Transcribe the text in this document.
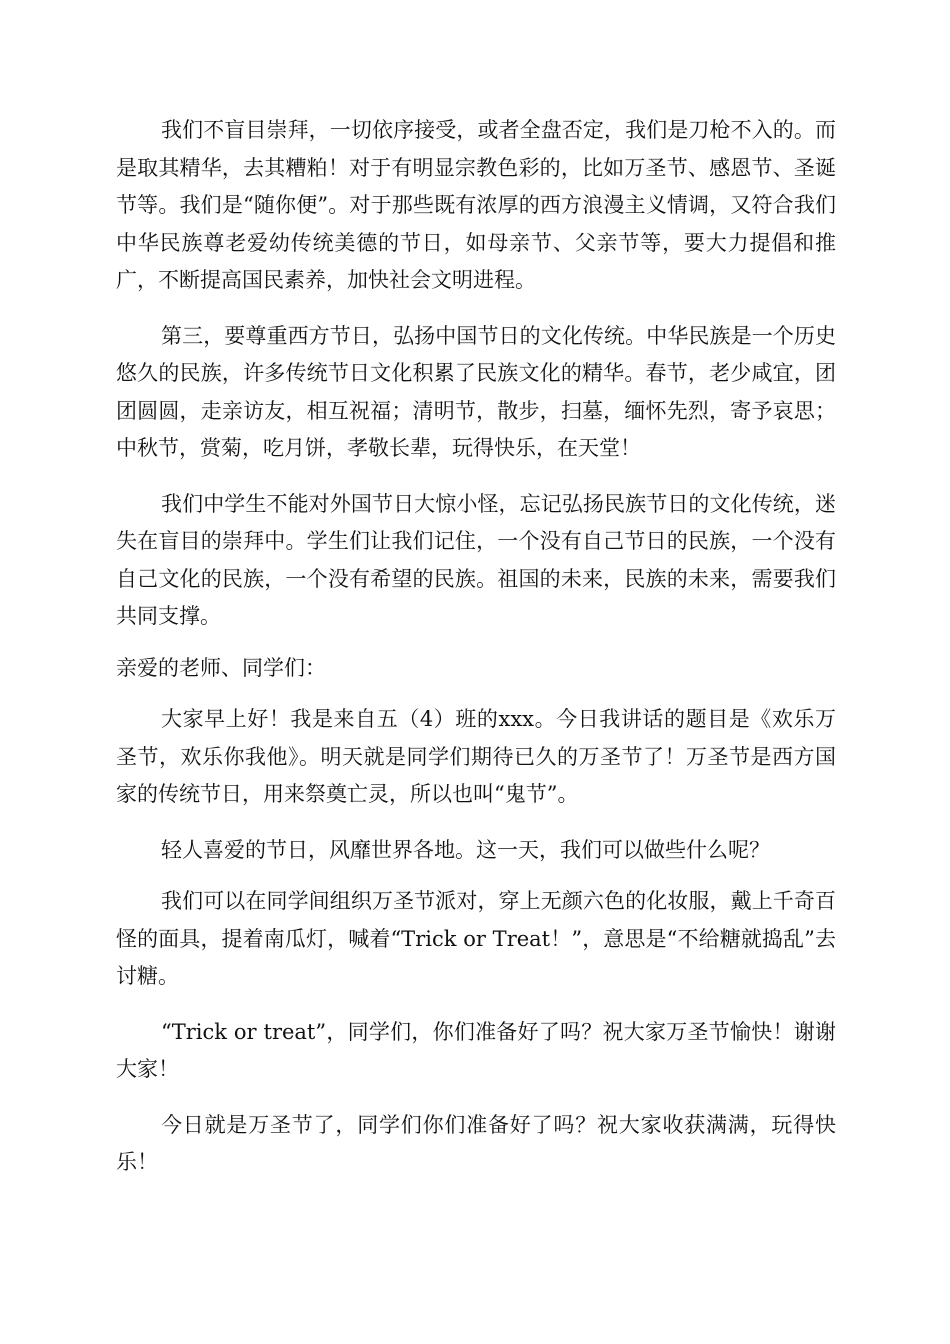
我们不盲目崇拜，一切依序接受，或者全盘否定，我们是刀枪不入的。而是取其精华，去其糟粕！对于有明显宗教色彩的，比如万圣节、感恩节、圣诞节等。我们是“随你便”。对于那些既有浓厚的西方浪漫主义情调，又符合我们中华民族尊老爱幼传统美德的节日，如母亲节、父亲节等，要大力提倡和推广，不断提高国民素养，加快社会文明进程。

第三，要尊重西方节日，弘扬中国节日的文化传统。中华民族是一个历史悠久的民族，许多传统节日文化积累了民族文化的精华。春节，老少咸宜，团团圆圆，走亲访友，相互祝福；清明节，散步，扫墓，缅怀先烈，寄予哀思；中秋节，赏菊，吃月饼，孝敬长辈，玩得快乐，在天堂！

我们中学生不能对外国节日大惊小怪，忘记弘扬民族节日的文化传统，迷失在盲目的崇拜中。学生们让我们记住，一个没有自己节日的民族，一个没有自己文化的民族，一个没有希望的民族。祖国的未来，民族的未来，需要我们共同支撑。

亲爱的老师、同学们：

大家早上好！我是来自五（4）班的xxx。今日我讲话的题目是《欢乐万圣节，欢乐你我他》。明天就是同学们期待已久的万圣节了！万圣节是西方国家的传统节日，用来祭奠亡灵，所以也叫“鬼节”。

轻人喜爱的节日，风靡世界各地。这一天，我们可以做些什么呢？

我们可以在同学间组织万圣节派对，穿上无颜六色的化妆服，戴上千奇百怪的面具，提着南瓜灯，喊着“Trick or Treat！”，意思是“不给糖就捣乱”去讨糖。

“Trick or treat”，同学们，你们准备好了吗？祝大家万圣节愉快！谢谢大家！

今日就是万圣节了，同学们你们准备好了吗？祝大家收获满满，玩得快乐！
